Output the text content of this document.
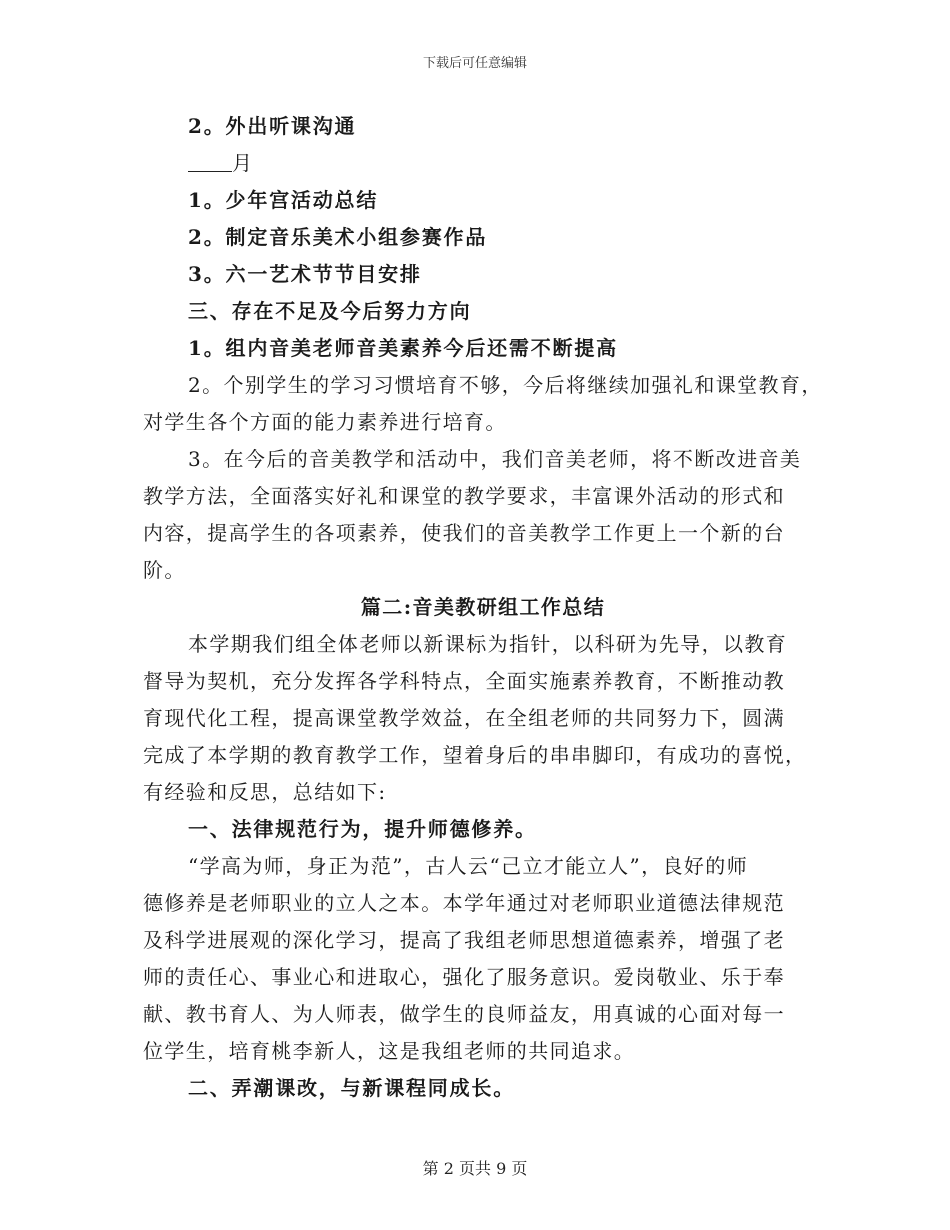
下载后可任意编辑
2。外出听课沟通
月
1。少年宫活动总结
2。制定音乐美术小组参赛作品
3。六一艺术节节目安排
三、存在不足及今后努力方向
1。组内音美老师音美素养今后还需不断提高
2。个别学生的学习习惯培育不够，今后将继续加强礼和课堂教育，
对学生各个方面的能力素养进行培育。
3。在今后的音美教学和活动中，我们音美老师，将不断改进音美
教学方法，全面落实好礼和课堂的教学要求，丰富课外活动的形式和
内容，提高学生的各项素养，使我们的音美教学工作更上一个新的台
阶。
篇二:音美教研组工作总结
本学期我们组全体老师以新课标为指针，以科研为先导，以教育
督导为契机，充分发挥各学科特点，全面实施素养教育，不断推动教
育现代化工程，提高课堂教学效益，在全组老师的共同努力下，圆满
完成了本学期的教育教学工作，望着身后的串串脚印，有成功的喜悦，
有经验和反思，总结如下:
一、法律规范行为，提升师德修养。
“学高为师，身正为范”，古人云“己立才能立人”，良好的师
德修养是老师职业的立人之本。本学年通过对老师职业道德法律规范
及科学进展观的深化学习，提高了我组老师思想道德素养，增强了老
师的责任心、事业心和进取心，强化了服务意识。爱岗敬业、乐于奉
献、教书育人、为人师表，做学生的良师益友，用真诚的心面对每一
位学生，培育桃李新人，这是我组老师的共同追求。
二、弄潮课改，与新课程同成长。
第 2 页共 9 页
